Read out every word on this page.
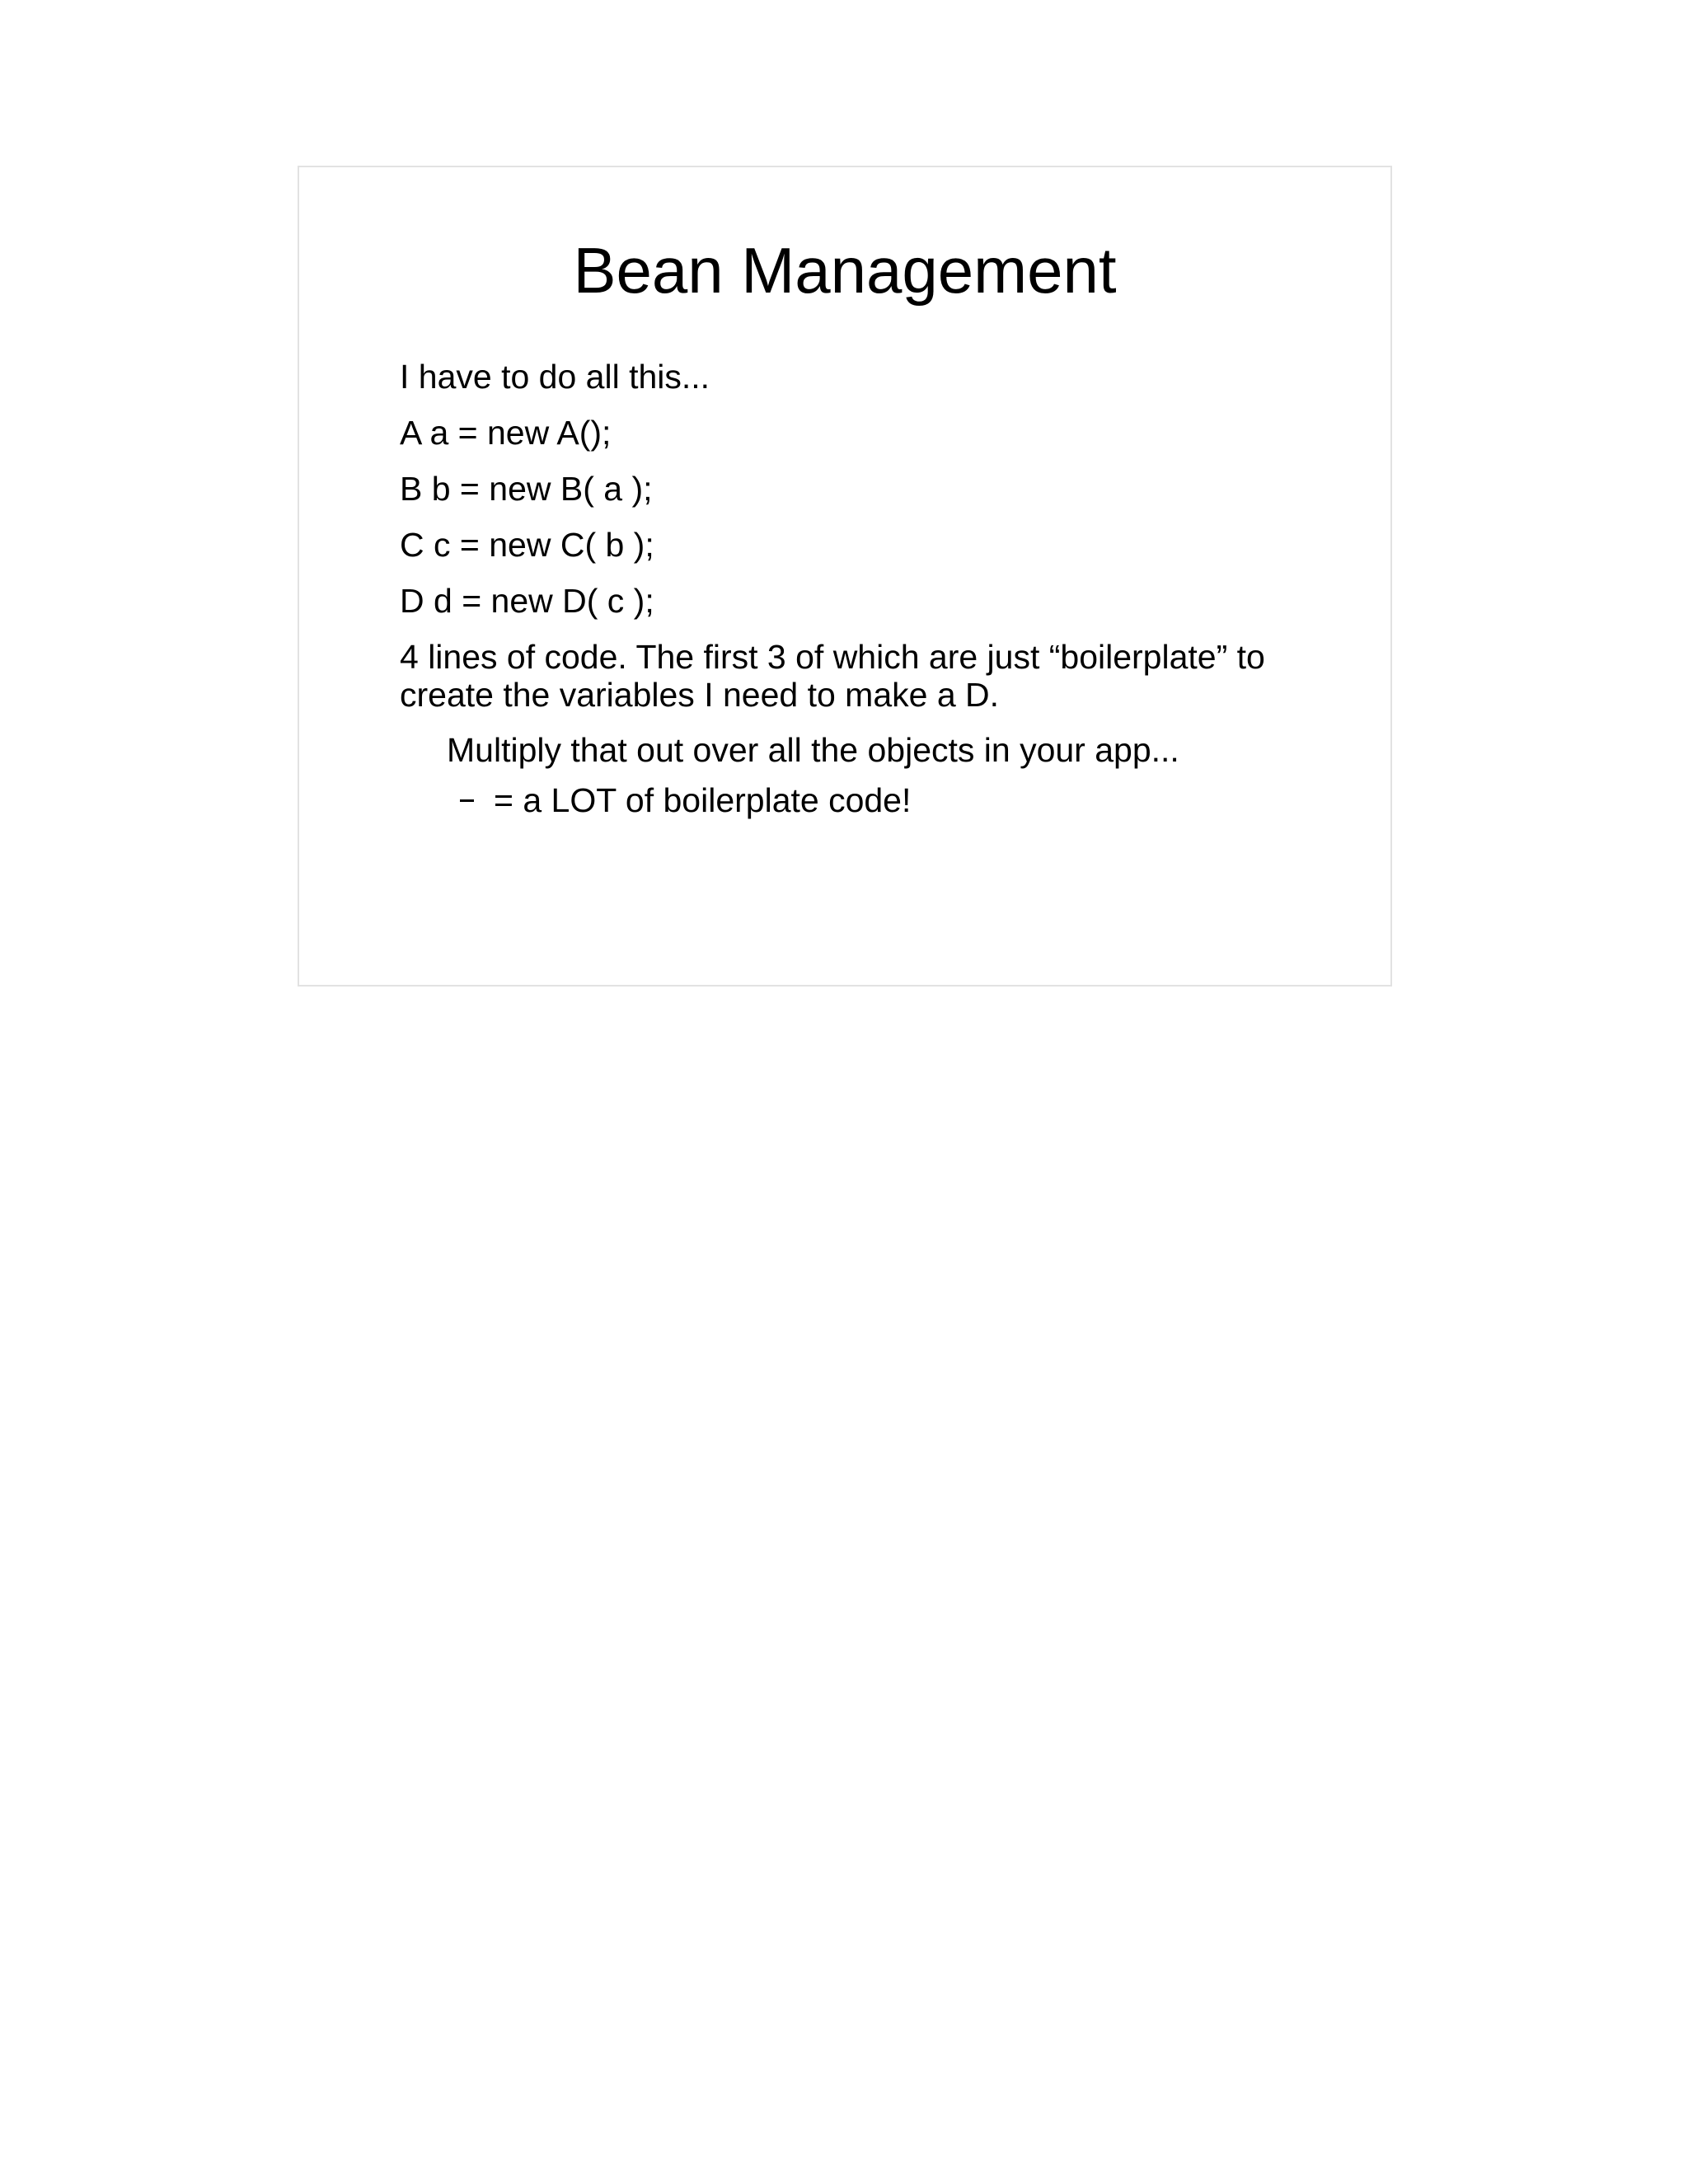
Bean Management

I have to do all this...

A a = new A();

B b = new B( a );

C c = new C( b );

D d = new D( c );

4 lines of code. The first 3 of which are just “boilerplate” to create the variables I need to make a D.

Multiply that out over all the objects in your app...

= a LOT of boilerplate code!
